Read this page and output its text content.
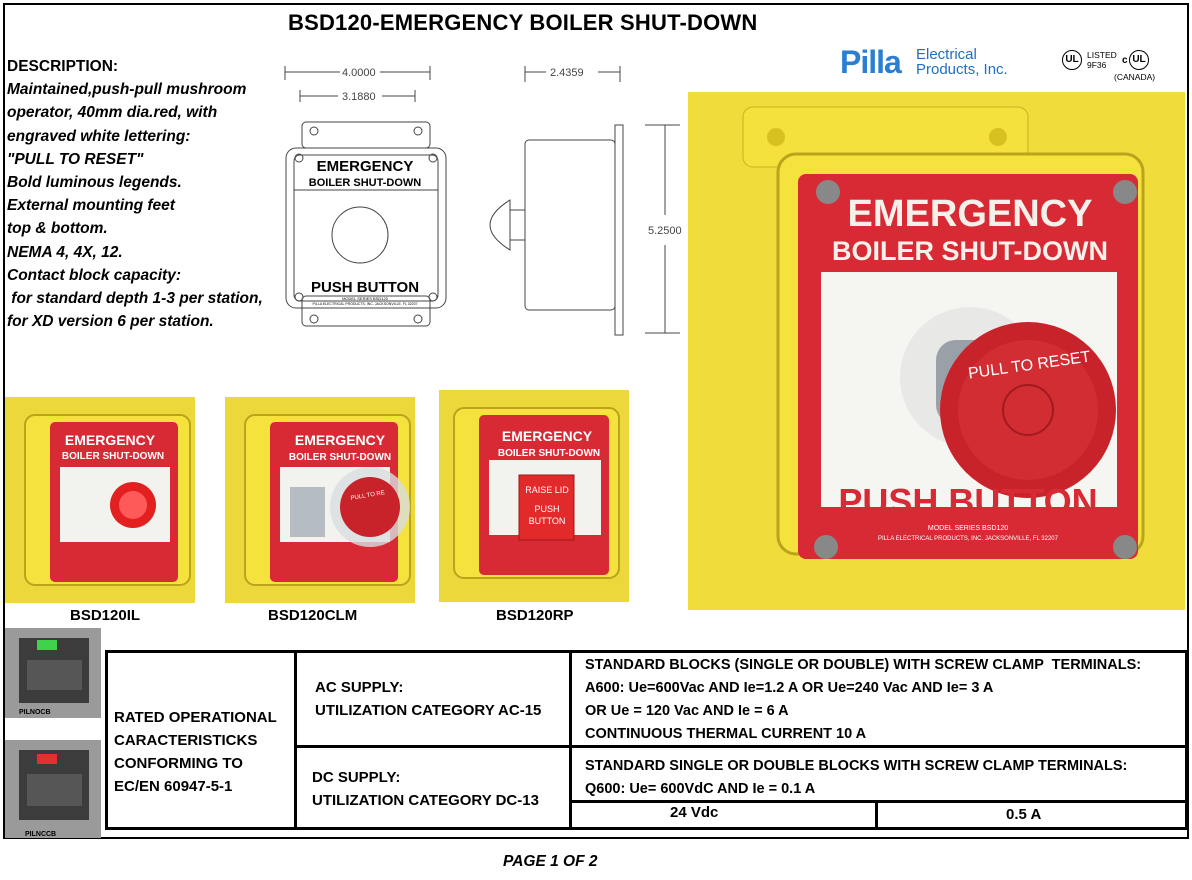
BSD120-EMERGENCY BOILER SHUT-DOWN
DESCRIPTION:
Maintained,push-pull mushroom
operator, 40mm dia.red, with
engraved white lettering:
"PULL TO RESET"
Bold luminous legends.
External mounting feet
top & bottom.
NEMA 4, 4X, 12.
Contact block capacity:
for standard depth 1-3 per station,
for XD version 6 per station.
Pilla Electrical
Products, Inc.
UL LISTED
9F36 c UL
(CANADA)
4.0000
3.1880
2.4359
5.2500
EMERGENCY
BOILER SHUT-DOWN
PUSH BUTTON
MODEL SERIES BSD120
PILLA ELECTRICAL PRODUCTS, INC. JACKSONVILLE, FL 32207
EMERGENCY
BOILER SHUT-DOWN
PULL TO RESET
PUSH BUTTON
MODEL SERIES BSD120
PILLA ELECTRICAL PRODUCTS, INC. JACKSONVILLE, FL 32207
EMERGENCY
BOILER SHUT-DOWN
PUSH BUTTON
BSD120IL
EMERGENCY
BOILER SHUT-DOWN
PULL TO RE
PUSH BUTTON
BSD120CLM
EMERGENCY
BOILER SHUT-DOWN
RAISE LID
PUSH
BUTTON
PUSH BUTTON
BSD120RP
PILNOCB
PILNCCB
RATED OPERATIONAL
CARACTERISTICKS
CONFORMING TO
EC/EN 60947-5-1
AC SUPPLY:
UTILIZATION CATEGORY AC-15
STANDARD BLOCKS (SINGLE OR DOUBLE) WITH SCREW CLAMP  TERMINALS:
A600: Ue=600Vac AND Ie=1.2 A OR Ue=240 Vac AND Ie= 3 A
OR Ue = 120 Vac AND Ie = 6 A
CONTINUOUS THERMAL CURRENT 10 A
DC SUPPLY:
UTILIZATION CATEGORY DC-13
STANDARD SINGLE OR DOUBLE BLOCKS WITH SCREW CLAMP TERMINALS:
Q600: Ue= 600VdC AND Ie = 0.1 A
24 Vdc	0.5 A
PAGE 1 OF 2
